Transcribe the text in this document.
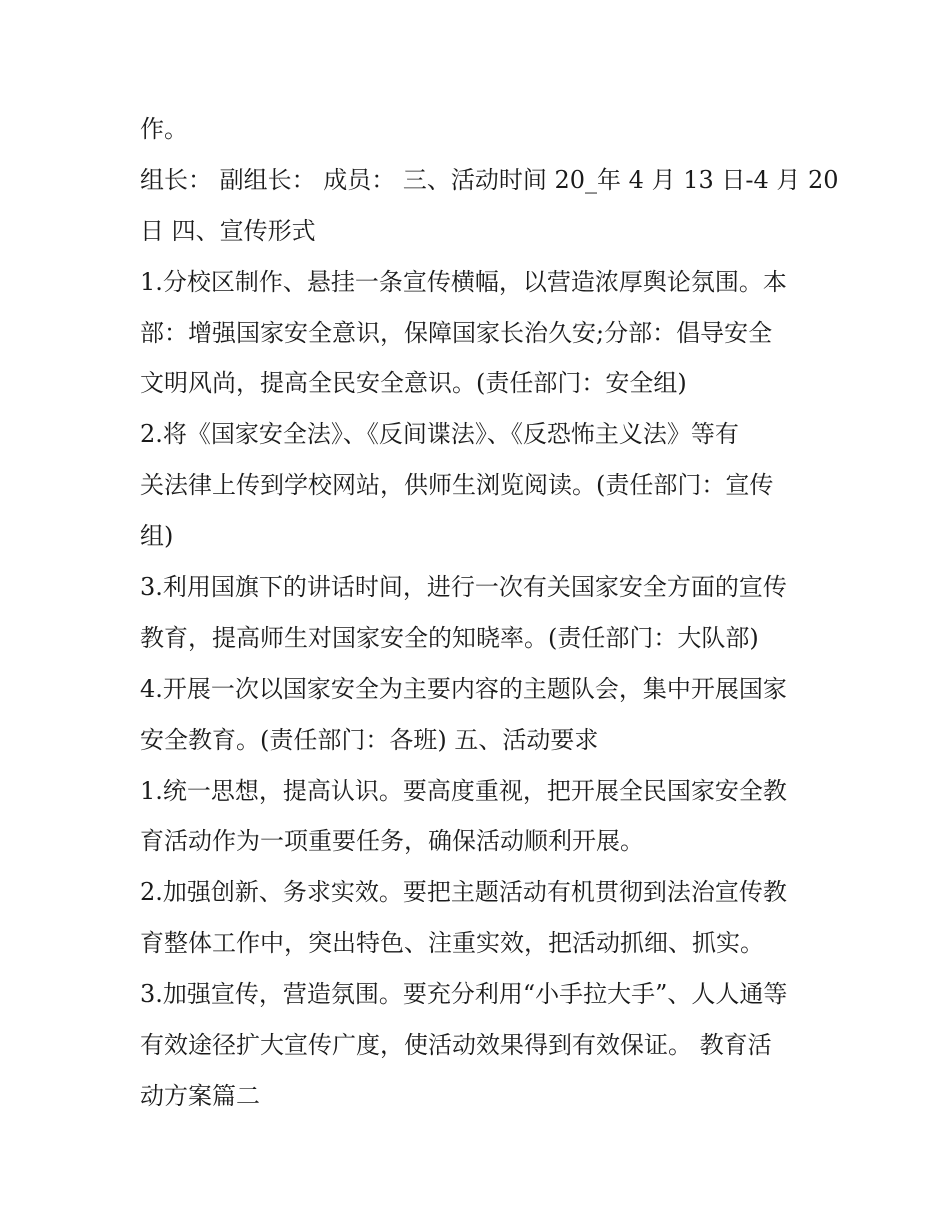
作。
组长： 副组长： 成员： 三、活动时间 20_年 4 月 13 日-4 月 20
日 四、宣传形式
1.分校区制作、悬挂一条宣传横幅，以营造浓厚舆论氛围。本
部：增强国家安全意识，保障国家长治久安;分部：倡导安全
文明风尚，提高全民安全意识。(责任部门：安全组)
2.将《国家安全法》、《反间谍法》、《反恐怖主义法》等有
关法律上传到学校网站，供师生浏览阅读。(责任部门：宣传
组)
3.利用国旗下的讲话时间，进行一次有关国家安全方面的宣传
教育，提高师生对国家安全的知晓率。(责任部门：大队部)
4.开展一次以国家安全为主要内容的主题队会，集中开展国家
安全教育。(责任部门：各班) 五、活动要求
1.统一思想，提高认识。要高度重视，把开展全民国家安全教
育活动作为一项重要任务，确保活动顺利开展。
2.加强创新、务求实效。要把主题活动有机贯彻到法治宣传教
育整体工作中，突出特色、注重实效，把活动抓细、抓实。
3.加强宣传，营造氛围。要充分利用“小手拉大手”、人人通等
有效途径扩大宣传广度，使活动效果得到有效保证。 教育活
动方案篇二
